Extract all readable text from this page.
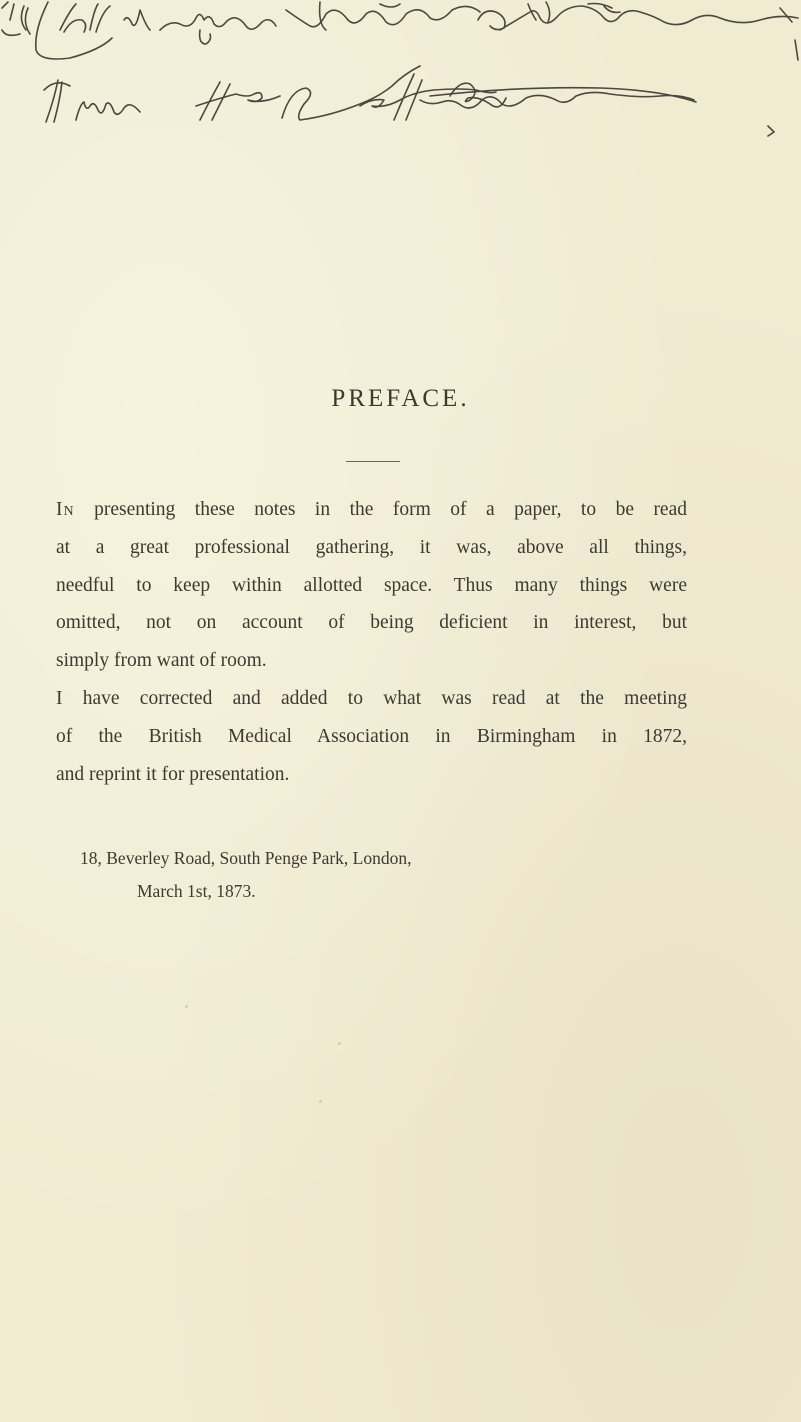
PREFACE.

In presenting these notes in the form of a paper, to be read
at a great professional gathering, it was, above all things,
needful to keep within allotted space. Thus many things were
omitted, not on account of being deficient in interest, but
simply from want of room.

I have corrected and added to what was read at the meeting
of the British Medical Association in Birmingham in 1872,
and reprint it for presentation.

18, Beverley Road, South Penge Park, London,
March 1st, 1873.
